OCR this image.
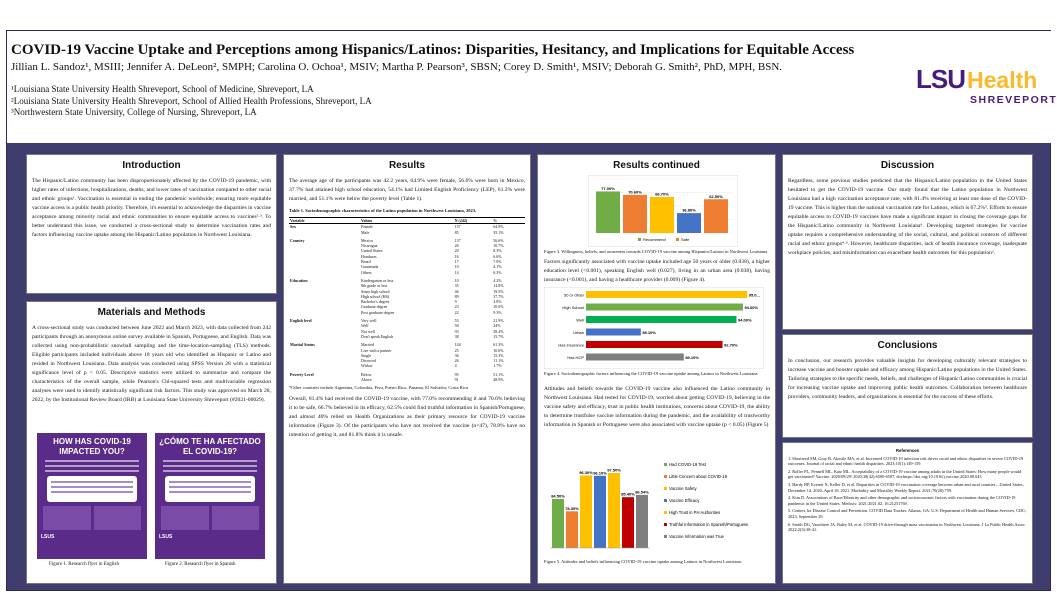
COVID-19 Vaccine Uptake and Perceptions among Hispanics/Latinos: Disparities, Hesitancy, and Implications for Equitable Access
Jillian L. Sandoz¹, MSIII; Jennifer A. DeLeon², SMPH; Carolina O. Ochoa¹, MSIV; Martha P. Pearson³, SBSN; Corey D. Smith¹, MSIV; Deborah G. Smith², PhD, MPH, BSN.
¹Louisiana State University Health Shreveport, School of Medicine, Shreveport, LA
²Louisiana State University Health Shreveport, School of Allied Health Professions, Shreveport, LA
³Northwestern State University, College of Nursing, Shreveport, LA
LSU Health
SHREVEPORT
Introduction
The Hispanic/Latino community has been disproportionately affected by the COVID-19 pandemic, with higher rates of infections, hospitalizations, deaths, and lower rates of vaccination compared to other racial and ethnic groups¹. Vaccination is essential in ending the pandemic worldwide; ensuring more equitable vaccine access is a public health priority. Therefore, it's essential to acknowledge the disparities in vaccine acceptance among minority racial and ethnic communities to ensure equitable access to vaccines²·³. To better understand this issue, we conducted a cross-sectional study to determine vaccination rates and factors influencing vaccine uptake among the Hispanic/Latino population in Northwest Louisiana.
Materials and Methods
A cross-sectional study was conducted between June 2022 and March 2023, with data collected from 242 participants through an anonymous online survey available in Spanish, Portuguese, and English. Data was collected using non-probabilistic snowball sampling and the time-location-sampling (TLS) methods. Eligible participants included individuals above 18 years old who identified as Hispanic or Latino and resided in Northwest Louisiana. Data analysis was conducted using SPSS Version 28 with a statistical significance level of p < 0.05. Descriptive statistics were utilized to summarize and compare the characteristics of the overall sample, while Pearson's Chi-squared tests and multivariable regression analyses were used to identify statistically significant risk factors. This study was approved on March 28, 2022, by the Institutional Review Board (IRB) at Louisiana State University Shreveport (#2021-00029).
HOW HAS COVID-19 IMPACTED YOU?
LSUS
¿CÓMO TE HA AFECTADO EL COVID-19?
LSUS
Figure 1. Research flyer in English	Figure 2. Research flyer in Spanish
Results
The average age of the participants was 42.2 years, 64.9% were female, 56.6% were born in Mexico, 37.7% had attained high school education, 54.1% had Limited English Proficiency (LEP), 61.3% were married, and 51.1% were below the poverty level (Table 1).
Table 1. Sociodemographic characteristics of the Latino population in Northwest Louisiana, 2023.
Variable	Values	N (242)	%
Sex	Female	157	64.9%
	Male	85	35.1%
Country	Mexico	137	56.6%
	Nicaragua	26	10.7%
	United States	20	8.3%
	Honduras	16	6.6%
	Brazil	17	7.0%
	Guatemala	10	4.1%
	Others	14	6.3%
Education	Kindergarten or less	10	4.2%
	8th grade or less	35	14.8%
	Some high school	46	19.5%
	High school (HS)	89	37.7%
	Bachelor's degree	9	3.8%
	Graduate degree	23	10.0%
	Post graduate degree	22	9.3%
English level	Very well	53	21.9%
	Well	58	24%
	Not well	93	38.4%
	Don't speak English	38	15.7%
Marital Status	Married	144	61.3%
	Live with a partner	25	10.6%
	Single	36	15.3%
	Divorced	26	11.1%
	Widow	4	1.7%
Poverty Level	Below	95	51.1%
	Above	91	48.9%
*Other countries include Argentina, Colombia, Peru, Puerto Rico, Panama, El Salvador, Costa Rica
Overall, 81.4% had received the COVID-19 vaccine, with 77.0% recommending it and 70.6% believing it to be safe, 66.7% believed in its efficacy, 62.5% could find truthful information in Spanish/Portuguese, and almost 40% relied on Health Organizations as their primary resource for COVID-19 vaccine information (Figure 3). Of the participants who have not received the vaccine (n=47), 78.8% have no intention of getting it, and 81.8% think it is unsafe.
Results continued
77.00%
70.60%	66.70%
36.80%
62.50%
Recommend	Safe
Figure 3. Willingness, beliefs, and awareness towards COVID-19 vaccine among Hispanics/Latinos in Northwest Louisiana
Factors significantly associated with vaccine uptake included age 50 years or older (0.038), a higher education level (<0.001), speaking English well (0.027), living in an urban area (0.038), having insurance (<0.001), and having a healthcare provider (0.009) (Figure 4).
50 or Older	95.0...
High School	94.60%
Well	94.00%
Urban	85.10%
Has insurance	92.70%
Has HCP	89.10%
Figure 4. Sociodemographic factors influencing the COVID-19 vaccine uptake among Latinos in Northwest Louisiana
Attitudes and beliefs towards the COVID-19 vaccine also influenced the Latino community in Northwest Louisiana. Had tested for COVID-19, worried about getting COVID-19, believing in the vaccine safety and efficacy, trust in public health institutions, concerns about COVID-19, the ability to determine trustfulse vaccine information during the pandemic, and the availability of trustworthy information in Spanish or Portuguese were also associated with vaccine uptake (p < 0.05) (Figure 5)
84.50%
78.35%
96.30% 96.10%
97.50%
85.40% 86.54%
Had COVID-19 Test
Little Concern about COVID-19
Vaccine Safety
Vaccine Efficacy
High Trust in PH Authorities
Truthful Information in Spanish/Portuguese
Vaccine Information was True
Figure 5. Attitudes and beliefs influencing COVID-19 vaccine uptake among Latinos in Northwest Louisiana.
Discussion
Regardless, some previous studies predicted that the Hispanic/Latino population in the United States hesitated to get the COVID-19 vaccine. Our study found that the Latino population in Northwest Louisiana had a high vaccination acceptance rate, with 81.4% receiving at least one dose of the COVID-19 vaccine. This is higher than the national vaccination rate for Latinos, which is 67.2%⁵. Efforts to ensure equitable access to COVID-19 vaccines have made a significant impact in closing the coverage gaps for the Hispanic/Latino community in Northwest Louisiana⁶. Developing targeted strategies for vaccine uptake requires a comprehensive understanding of the social, cultural, and political contexts of different racial and ethnic groups⁴·⁶. However, healthcare disparities, lack of health insurance coverage, inadequate workplace policies, and misinformation can exacerbate health outcomes for this population².
Conclusions
In conclusion, our research provides valuable insights for developing culturally relevant strategies to increase vaccine and booster uptake and efficacy among Hispanic/Latino populations in the United States. Tailoring strategies to the specific needs, beliefs, and challenges of Hispanic/Latino communities is crucial for increasing vaccine uptake and improving public health outcomes. Collaboration between healthcare providers, community leaders, and organizations is essential for the success of these efforts.
References
1. Shortreed SM, Gray R, Akosile MA, et al. Increased COVID-19 infection risk drives racial and ethnic disparities in severe COVID-19 outcomes. Journal of racial and ethnic health disparities. 2023;10(1):149-159.
2. Roller PL, Pennell ML, Katz ML. Acceptability of a COVID-19 vaccine among adults in the United States: How many people would get vaccinated? Vaccine. 2020/09/29/ 2020;38(42):6500-6507. doi:https://doi.org/10.1016/j.vaccine.2020.08.043
3. Hardy BP, Everett N, Keller D, et al. Disparities in COVID-19 vaccination coverage between urban and rural counties—United States, December 14, 2020–April 10, 2021. Morbidity and Mortality Weekly Report. 2021;70(20):759.
4. Kim D. Associations of Race/Ethnicity and other demographic and socioeconomic factors with vaccination during the COVID-19 pandemic in the United States. Medrxiv. 2021:2021.02. 16.21251769.
5. Centers for Disease Control and Prevention. COVID Data Tracker. Atlanta, GA: U.S. Department of Health and Human Services, CDC; 2023, September 29.
6. Smith DG, Vanchiere JA, Raley M, et al. COVID-19 drive-through mass vaccination in Northwest Louisiana. J La Public Health Assoc. 2022;2(3):38-41.
